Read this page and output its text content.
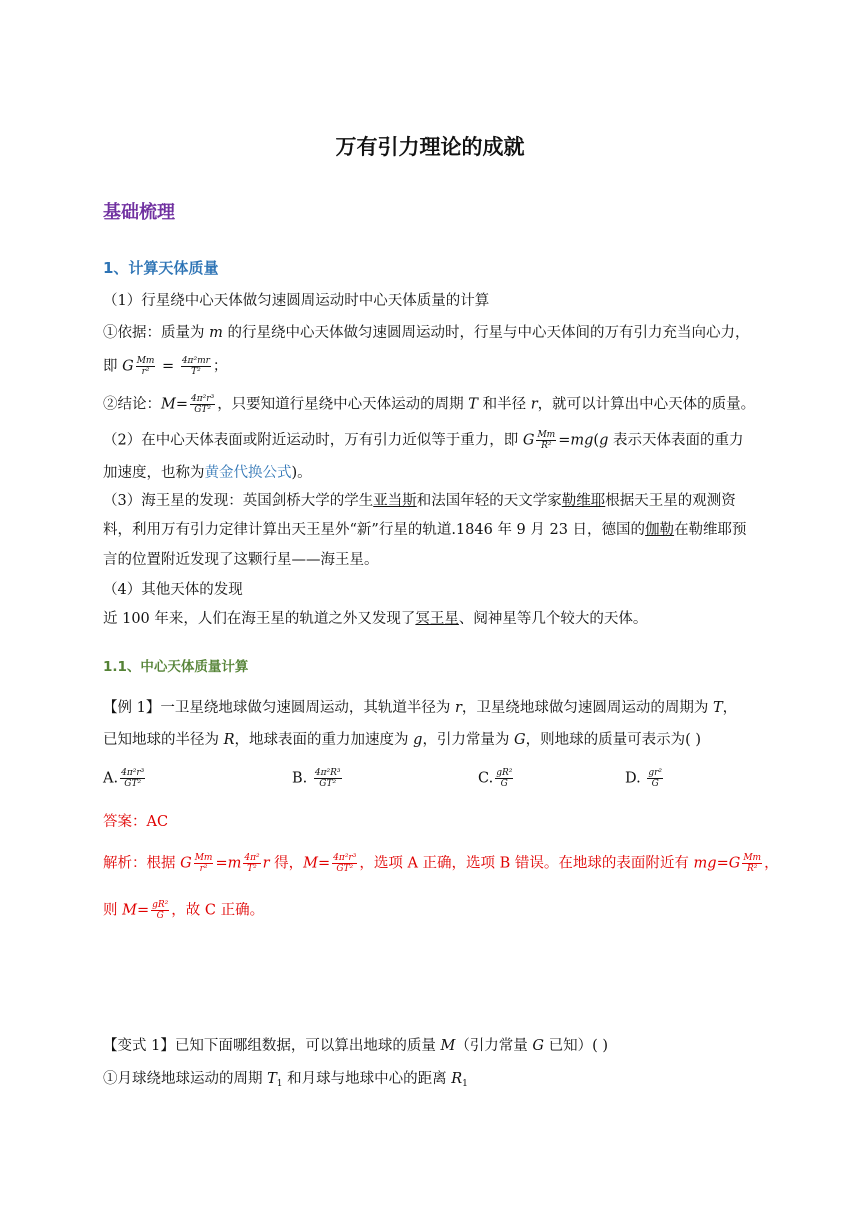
万有引力理论的成就
基础梳理
1、计算天体质量
（1）行星绕中心天体做匀速圆周运动时中心天体质量的计算
①依据：质量为 m 的行星绕中心天体做匀速圆周运动时，行星与中心天体间的万有引力充当向心力，
即 G $\frac{Mm}{\text{r²}} = \frac{\text{4π²mr}}{\text{T²}}$ ；
②结论：$M= \frac{\text{4π²r³}}{\text{GT²}}$ ，只要知道行星绕中心天体运动的周期 T 和半径 r，就可以计算出中心天体的质量。
（2）在中心天体表面或附近运动时，万有引力近似等于重力，即 G $\frac{Mm}{\text{R²}} =mg(g$ 表示天体表面的重力
加速度，也称为黄金代换公式)。
（3）海王星的发现：英国剑桥大学的学生亚当斯和法国年轻的天文学家勒维耶根据天王星的观测资
料，利用万有引力定律计算出天王星外“新”行星的轨道.1846 年 9 月 23 日，德国的伽勒在勒维耶预
言的位置附近发现了这颗行星——海王星。
（4）其他天体的发现
近 100 年来，人们在海王星的轨道之外又发现了冥王星、阋神星等几个较大的天体。
1.1、中心天体质量计算
【例 1】一卫星绕地球做匀速圆周运动，其轨道半径为 r，卫星绕地球做匀速圆周运动的周期为 T，
已知地球的半径为 R，地球表面的重力加速度为 g，引力常量为 G，则地球的质量可表示为( )
A. $\frac{\text{4π²r³}}{\text{GT²}}$	B. $\frac{\text{4π²R³}}{\text{GT²}}$	C. $\frac{\text{gR²}}{G}$	D. $\frac{\text{gr²}}{G}$
答案：AC
解析：根据 G $\frac{Mm}{\text{r²}} =m \frac{\text{4π²}}{\text{T²}}$ r 得，$M= \frac{\text{4π²r³}}{\text{GT²}}$ ，选项 A 正确，选项 B 错误。在地球的表面附近有 $mg=G \frac{Mm}{\text{R²}}$ ，
则 $M= \frac{\text{gR²}}{G}$ ，故 C 正确。
【变式 1】已知下面哪组数据，可以算出地球的质量 M（引力常量 G 已知）( )
①月球绕地球运动的周期 $T_1$ 和月球与地球中心的距离 $R_1$
